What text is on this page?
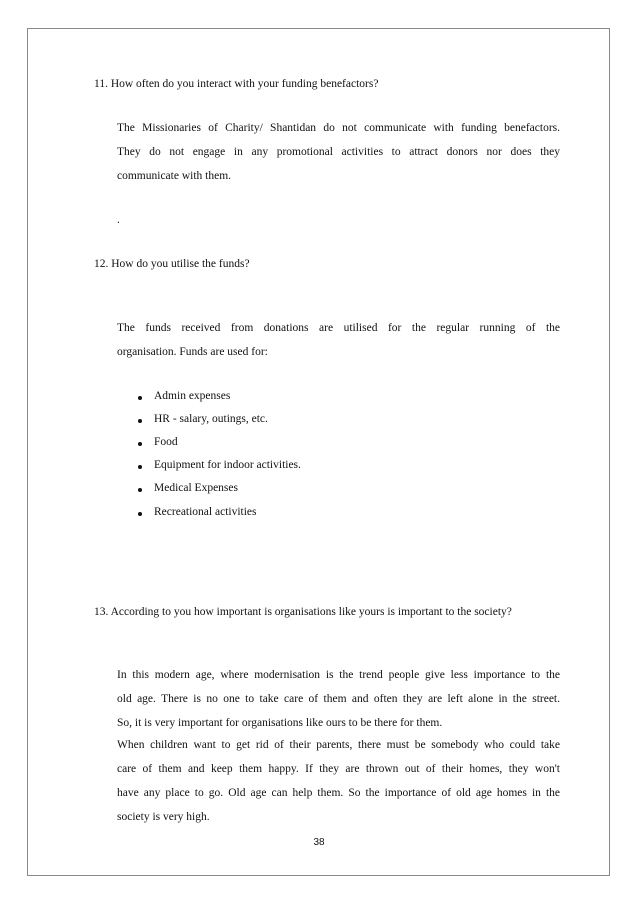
11. How often do you interact with your funding benefactors?

The Missionaries of Charity/ Shantidan do not communicate with funding benefactors.

They do not engage in any promotional activities to attract donors nor does they

communicate with them.

.

12. How do you utilise the funds?

The funds received from donations are utilised for the regular running of the

organisation. Funds are used for:

Admin expenses

HR - salary, outings, etc.

Food

Equipment for indoor activities.

Medical Expenses

Recreational activities

13. According to you how important is organisations like yours is important to the society?

In this modern age, where modernisation is the trend people give less importance to the

old age. There is no one to take care of them and often they are left alone in the street.

So, it is very important for organisations like ours to be there for them.

When children want to get rid of their parents, there must be somebody who could take

care of them and keep them happy. If they are thrown out of their homes, they won't

have any place to go. Old age can help them. So the importance of old age homes in the

society is very high.

38
